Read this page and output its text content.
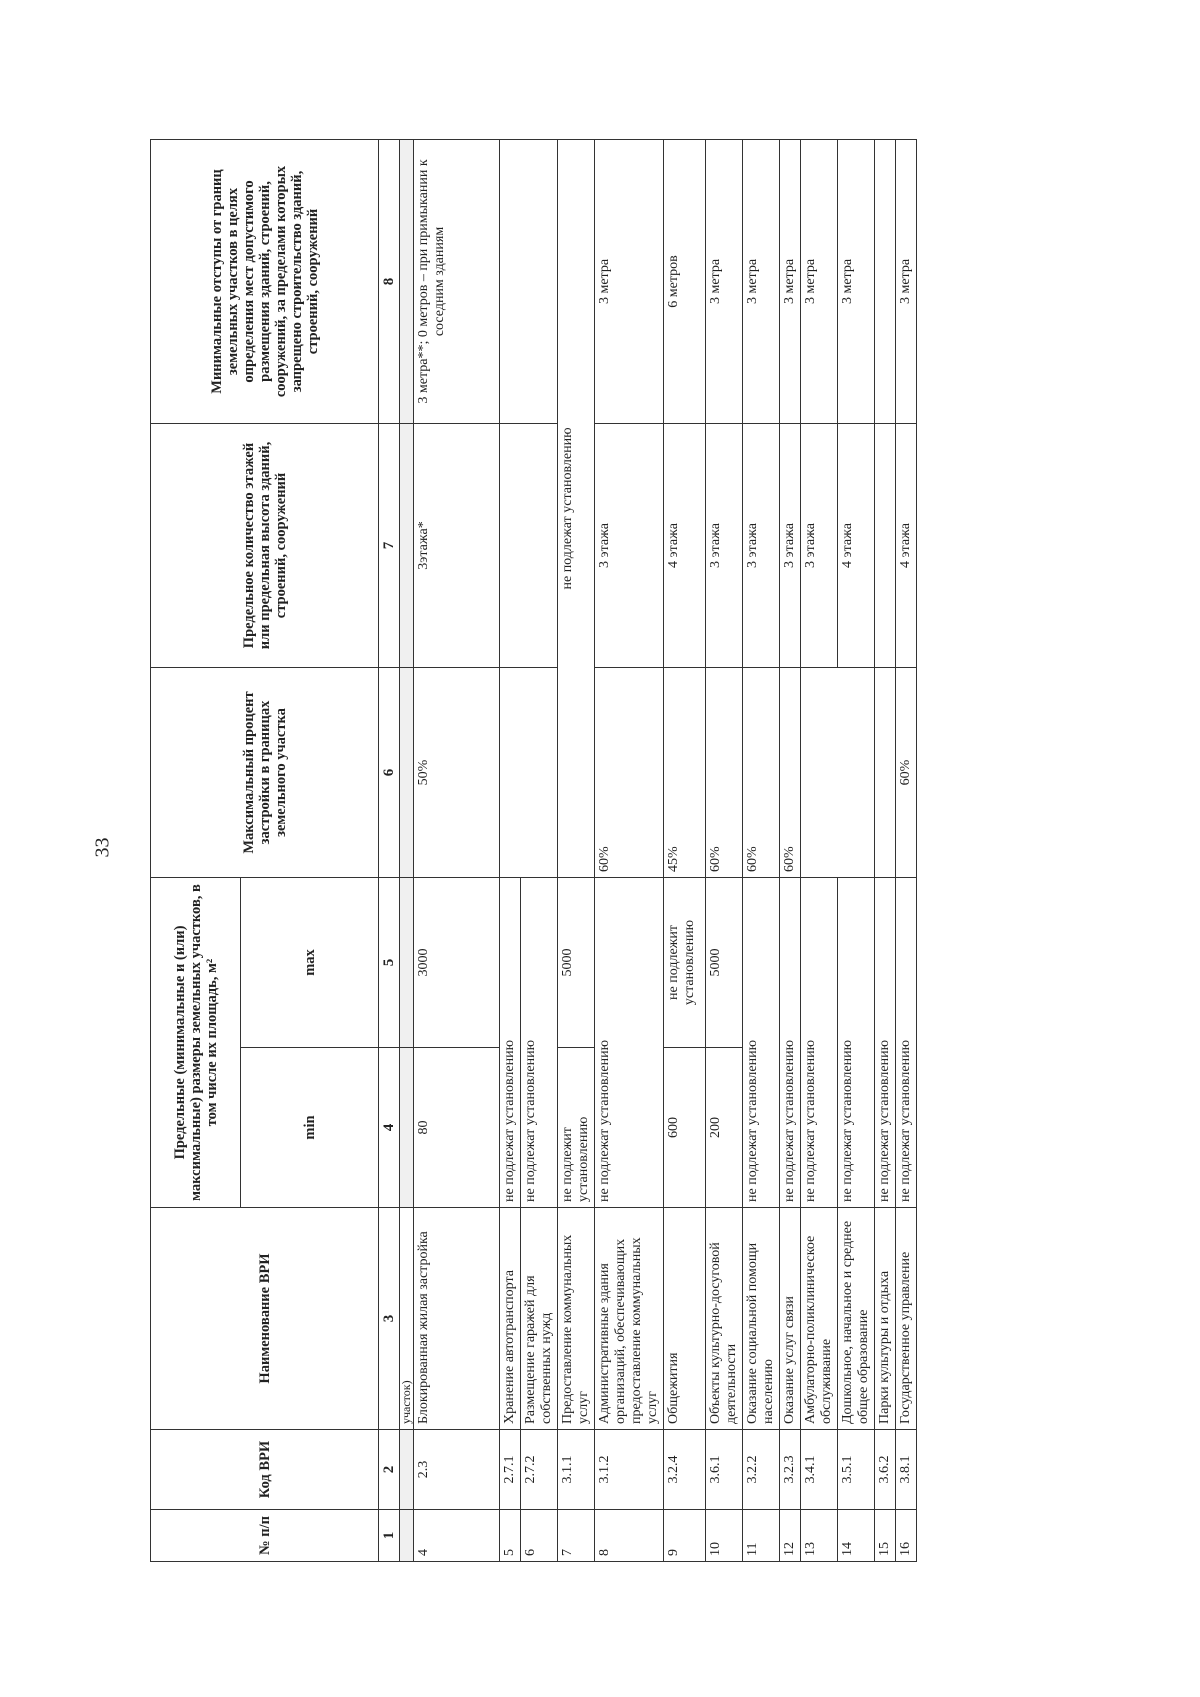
33
№ п/п	Код ВРИ	Наименование ВРИ	Предельные (минимальные и (или) максимальные) размеры земельных участков, в том числе их площадь, м²		Максимальный процент застройки в границах земельного участка	Предельное количество этажей или предельная высота зданий, строений, сооружений	Минимальные отступы от границ земельных участков в целях определения мест допустимого размещения зданий, строений, сооружений, за пределами которых запрещено строительство зданий, строений, сооружений
			min	max			
1	2	3	4	5	6	7	8
		участок)					
4	2.3	Блокированная жилая застройка	80	3000	50%	3этажа*	3 метра**; 0 метров – при примыкании к соседним зданиям
5	2.7.1	Хранение автотранспорта	не подлежат установлению				
6	2.7.2	Размещение гаражей для собственных нужд	не подлежат установлению				
7	3.1.1	Предоставление коммунальных услуг	не подлежит установлению	5000	не подлежат установлению		
8	3.1.2	Административные здания организаций, обеспечивающих предоставление коммунальных услуг	не подлежат установлению		60%	3 этажа	3 метра
9	3.2.4	Общежития	600	не подлежит установлению	45%	4 этажа	6 метров
10	3.6.1	Объекты культурно-досуговой деятельности	200	5000	60%	3 этажа	3 метра
11	3.2.2	Оказание социальной помощи населению	не подлежат установлению		60%	3 этажа	3 метра
12	3.2.3	Оказание услуг связи	не подлежат установлению		60%	3 этажа	3 метра
13	3.4.1	Амбулаторно-поликлиническое обслуживание	не подлежат установлению			3 этажа	3 метра
14	3.5.1	Дошкольное, начальное и среднее общее образование	не подлежат установлению			4 этажа	3 метра
15	3.6.2	Парки культуры и отдыха	не подлежат установлению				
16	3.8.1	Государственное управление	не подлежат установлению		60%	4 этажа	3 метра
